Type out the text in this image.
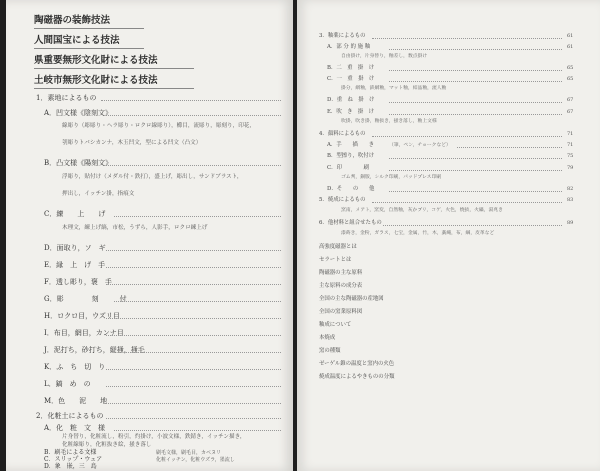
陶磁器の装飾技法
人間国宝による技法
県重要無形文化財による技法
土岐市無形文化財による技法
1．素地によるもの
A．凹文様《陰刻文》
線彫り（彫彫り・ヘラ彫り・ロクロ線彫り），櫛目，流彫り，彫刻り，印花，
刳彫りトバシカンナ，木玉凹文，型による凹文（凸文）
B．凸文様《陽刻文》
浮彫り，貼付け（メダル付・鉄打），盛上げ，彫出し，サンドブラスト，
押出し，イッチン掛，指痕文
C．練　　上　　げ
木理文，練上げ縞，市松，うずら，人影手，ロクロ練上げ
D．面取り，ソ　ギ
E．縁　上　げ　手
F．透し彫り，褒　手
G．彫　　　　刻　　　付
H．ロクロ目，ウズリ目
I．布目，網目，カンナ目
J．泥打ち，砂打ち，縦掻，掻毛
K．ふ　ち　切　り
L．鎬　め　の
M．色　　泥　　地
2．化粧土によるもの
A．化　粧　文　様
片身替り，化粧流し，粉引，灼掛け，小波文様，鉄錆き，イッチン描き，
化粧線彫り，化粧抜き絵，掻き落し
B．刷毛による文様	刷毛文様，刷毛目，カベヌリ
C．スリップ・ウェア	化粧イッチン，化粧ウズラ，墨流し
D．象　嵌，三　島
3．釉薬によるもの	61
A．部 分 的 施 釉	61
自由掛け，片身替り，釉差し，数点掛け
B．二　重　掛　け	65
C．一　重　掛　け	65
掛分，網釉，鉄網釉，マット釉，結晶釉，流人釉
D．重　ね　掛　け	67
E．吹　き　掛　け	67
吹掛，吹き掛，釉抜き，掻き落し，釉上文様
4．顔料によるもの	71
A．手　　描　　き	（筆，ペン，チョークなど）	71
B．型擦り，吹付け	75
C．印　　　　刷	79
ゴム判，銅版，シルク印刷，パッドプレス印刷
D．そ　　の　　他	82
5．焼成によるもの	83
窯南，メアト，窯変，自然釉，灰かブリ，コゲ，火色，焼抜，火繍，湯兆き
6．他材料と組合せたもの	89
漆蒔き，金粉，ガラス，七宝，金属，竹，木，藁縄，布，綱，皮革など
高強度磁器とは
セラートとは
陶磁器の主な原料
主な原料の成分表
全国の主な陶磁器の産地図
全国の窯業原料図
釉成について
本焼成
窯の種類
ゼーゲル錐の温度と窯内の火色
焼成温度によるやきものの分類
